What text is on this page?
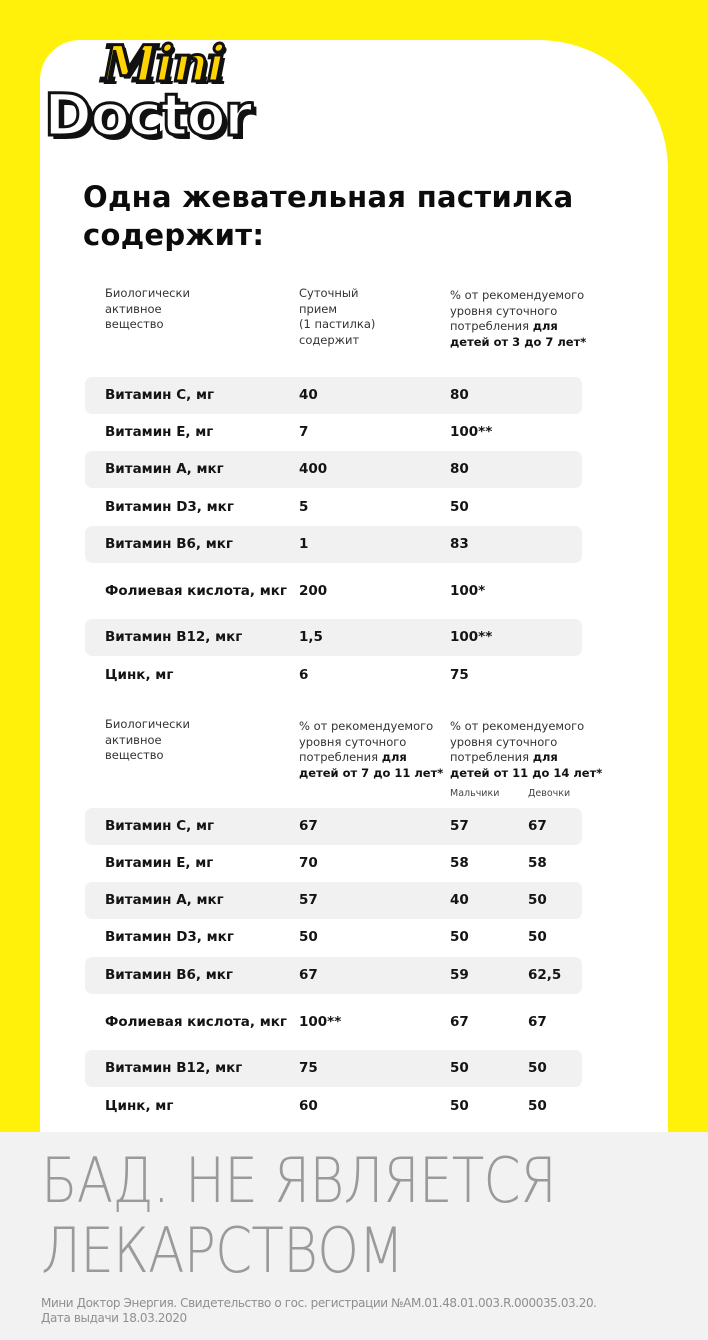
Mini
Doctor
Одна жевательная пастилка содержит:
Биологически
активное
вещество
Суточный
прием
(1 пастилка)
содержит
% от рекомендуемого
уровня суточного
потребления для
детей от 3 до 7 лет*
Витамин С, мг	40	80
Витамин Е, мг	7	100**
Витамин А, мкг	400	80
Витамин D3, мкг	5	50
Витамин В6, мкг	1	83
Фолиевая кислота, мкг 200	100*
Витамин В12, мкг	1,5	100**
Цинк, мг	6	75
Биологически
активное
вещество
% от рекомендуемого
уровня суточного
потребления для
детей от 7 до 11 лет*
% от рекомендуемого
уровня суточного
потребления для
детей от 11 до 14 лет*
Мальчики	Девочки
Витамин С, мг	67	57	67
Витамин Е, мг	70	58	58
Витамин А, мкг	57	40	50
Витамин D3, мкг	50	50	50
Витамин В6, мкг	67	59	62,5
Фолиевая кислота, мкг 100**	67	67
Витамин В12, мкг	75	50	50
Цинк, мг	60	50	50
БАД. НЕ ЯВЛЯЕТСЯ
ЛЕКАРСТВОМ
Мини Доктор Энергия. Свидетельство о гос. регистрации №AM.01.48.01.003.R.000035.03.20.
Дата выдачи 18.03.2020
